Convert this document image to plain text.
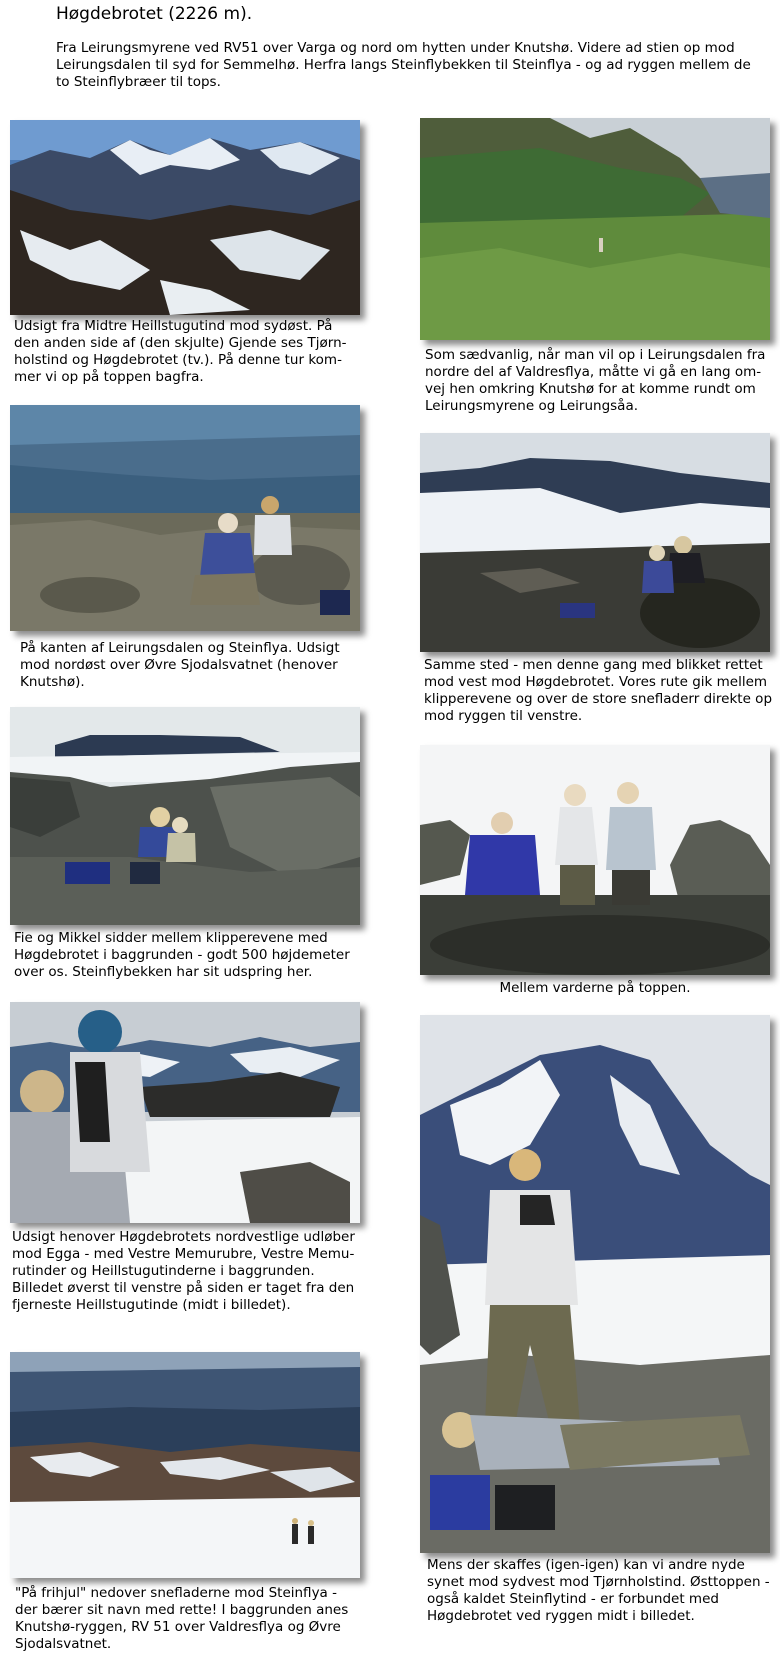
Høgdebrotet (2226 m).
Fra Leirungsmyrene ved RV51 over Varga og nord om hytten under Knutshø. Videre ad stien op mod Leirungsdalen til syd for Semmelhø. Herfra langs Steinflybekken til Steinflya - og ad ryggen mellem de to Steinflybræer til tops.
Udsigt fra Midtre Heillstugutind mod sydøst. På den anden side af (den skjulte) Gjende ses Tjørn-holstind og Høgdebrotet (tv.). På denne tur kom-mer vi op på toppen bagfra.
Som sædvanlig, når man vil op i Leirungsdalen fra nordre del af Valdresflya, måtte vi gå en lang om-vej hen omkring Knutshø for at komme rundt om Leirungsmyrene og Leirungsåa.
På kanten af Leirungsdalen og Steinflya. Udsigt mod nordøst over Øvre Sjodalsvatnet (henover Knutshø).
Samme sted - men denne gang med blikket rettet mod vest mod Høgdebrotet. Vores rute gik mellem klipperevene og over de store snefladerr direkte op mod ryggen til venstre.
Fie og Mikkel sidder mellem klipperevene med Høgdebrotet i baggrunden - godt 500 højdemeter over os. Steinflybekken har sit udspring her.
Mellem varderne på toppen.
Udsigt henover Høgdebrotets nordvestlige udløber mod Egga - med Vestre Memurubre, Vestre Memu-rutinder og Heillstugutinderne i baggrunden. Billedet øverst til venstre på siden er taget fra den fjerneste Heillstugutinde (midt i billedet).
Mens der skaffes (igen-igen) kan vi andre nyde synet mod sydvest mod Tjørnholstind. Østtoppen - også kaldet Steinflytind - er forbundet med Høgdebrotet ved ryggen midt i billedet.
"På frihjul" nedover snefladerne mod Steinflya - der bærer sit navn med rette! I baggrunden anes Knutshø-ryggen, RV 51 over Valdresflya og Øvre Sjodalsvatnet.
